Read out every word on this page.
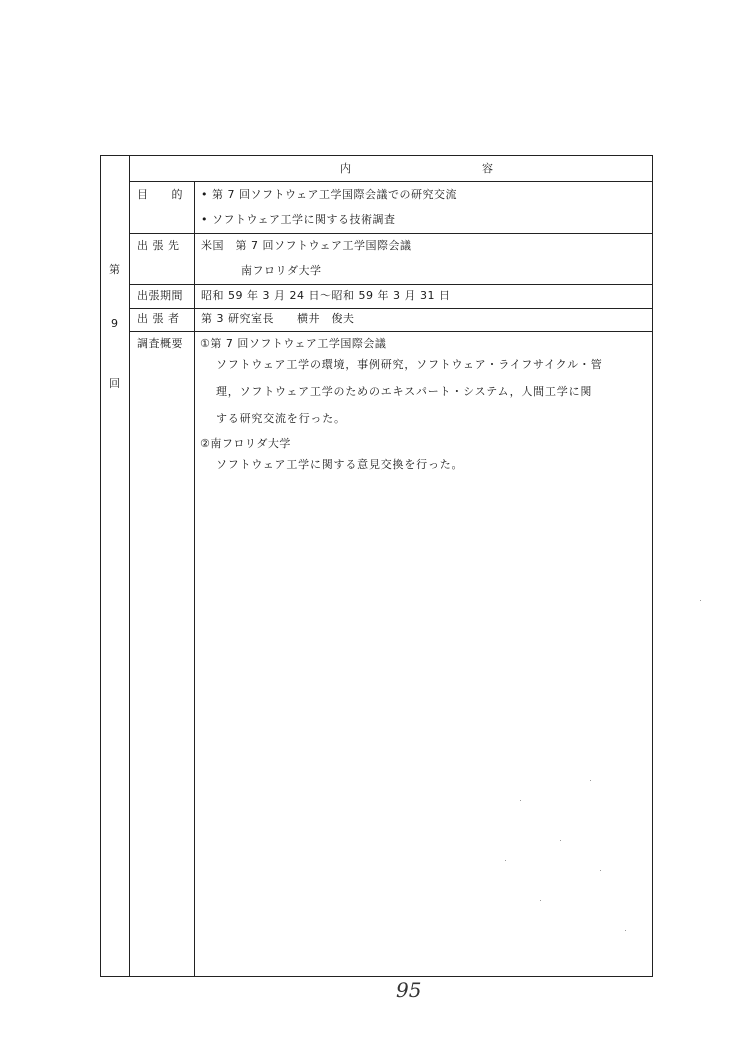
内	容
第
9
回
目　　的 • 第 7 回ソフトウェア工学国際会議での研究交流
• ソフトウェア工学に関する技術調査
出 張 先 米国　第 7 回ソフトウェア工学国際会議
南フロリダ大学
出張期間 昭和 59 年 3 月 24 日～昭和 59 年 3 月 31 日
出 張 者 第 3 研究室長　　横井　俊夫
調査概要 ①第 7 回ソフトウェア工学国際会議
ソフトウェア工学の環境，事例研究，ソフトウェア・ライフサイクル・管
理，ソフトウェア工学のためのエキスパート・システム，人間工学に関
する研究交流を行った。
②南フロリダ大学
ソフトウェア工学に関する意見交換を行った。
95
